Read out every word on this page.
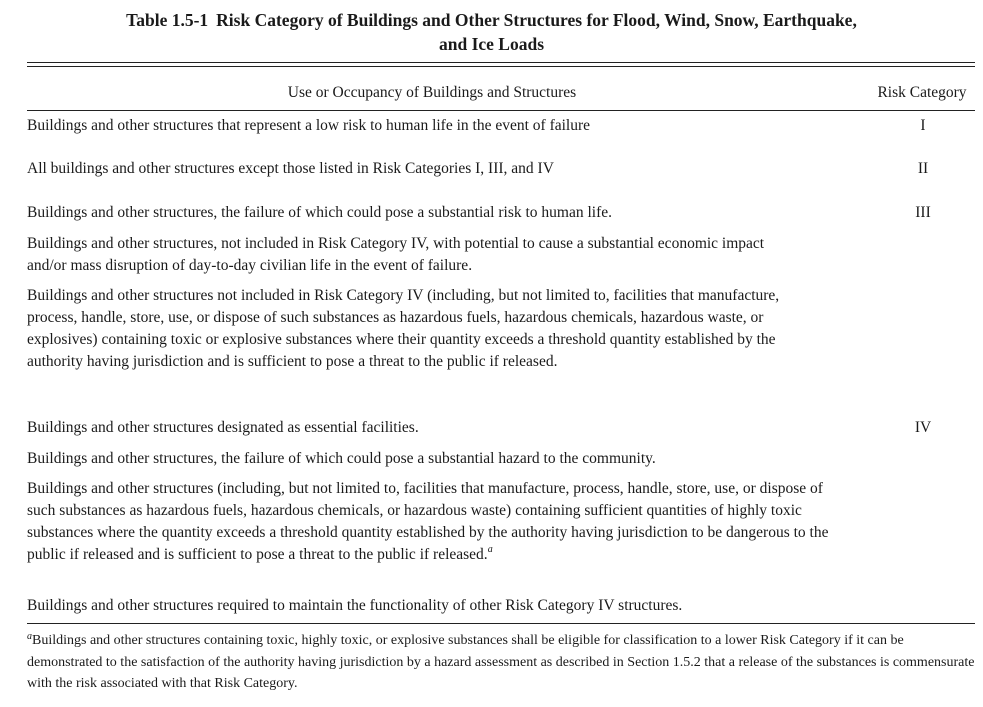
Table 1.5-1 Risk Category of Buildings and Other Structures for Flood, Wind, Snow, Earthquake,
and Ice Loads
Use or Occupancy of Buildings and Structures	Risk Category
Buildings and other structures that represent a low risk to human life in the event of failure	I
All buildings and other structures except those listed in Risk Categories I, III, and IV	II
Buildings and other structures, the failure of which could pose a substantial risk to human life.	III
Buildings and other structures, not included in Risk Category IV, with potential to cause a substantial economic impact and/or mass disruption of day-to-day civilian life in the event of failure.
Buildings and other structures not included in Risk Category IV (including, but not limited to, facilities that manufacture, process, handle, store, use, or dispose of such substances as hazardous fuels, hazardous chemicals, hazardous waste, or explosives) containing toxic or explosive substances where their quantity exceeds a threshold quantity established by the authority having jurisdiction and is sufficient to pose a threat to the public if released.
Buildings and other structures designated as essential facilities.	IV
Buildings and other structures, the failure of which could pose a substantial hazard to the community.
Buildings and other structures (including, but not limited to, facilities that manufacture, process, handle, store, use, or dispose of such substances as hazardous fuels, hazardous chemicals, or hazardous waste) containing sufficient quantities of highly toxic substances where the quantity exceeds a threshold quantity established by the authority having jurisdiction to be dangerous to the public if released and is sufficient to pose a threat to the public if released.$^a$
Buildings and other structures required to maintain the functionality of other Risk Category IV structures.
$^a$Buildings and other structures containing toxic, highly toxic, or explosive substances shall be eligible for classification to a lower Risk Category if it can be demonstrated to the satisfaction of the authority having jurisdiction by a hazard assessment as described in Section 1.5.2 that a release of the substances is commensurate with the risk associated with that Risk Category.
